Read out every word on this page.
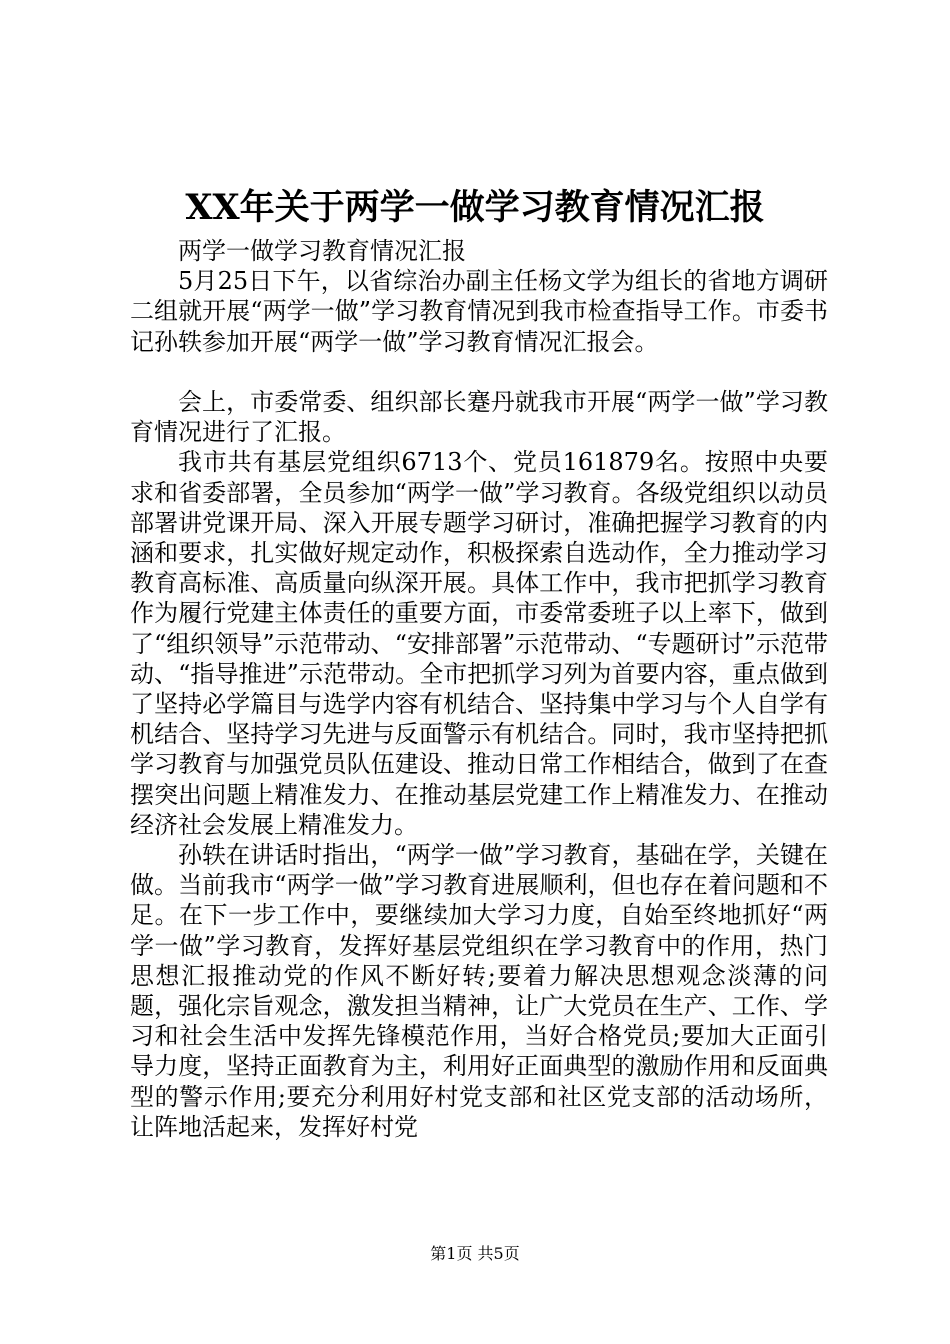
XX年关于两学一做学习教育情况汇报

两学一做学习教育情况汇报

5月25日下午，以省综治办副主任杨文学为组长的省地方调研二组就开展“两学一做”学习教育情况到我市检查指导工作。市委书记孙轶参加开展“两学一做”学习教育情况汇报会。

会上，市委常委、组织部长蹇丹就我市开展“两学一做”学习教育情况进行了汇报。

我市共有基层党组织6713个、党员161879名。按照中央要求和省委部署，全员参加“两学一做”学习教育。各级党组织以动员部署讲党课开局、深入开展专题学习研讨，准确把握学习教育的内涵和要求，扎实做好规定动作，积极探索自选动作，全力推动学习教育高标准、高质量向纵深开展。具体工作中，我市把抓学习教育作为履行党建主体责任的重要方面，市委常委班子以上率下，做到了“组织领导”示范带动、“安排部署”示范带动、“专题研讨”示范带动、“指导推进”示范带动。全市把抓学习列为首要内容，重点做到了坚持必学篇目与选学内容有机结合、坚持集中学习与个人自学有机结合、坚持学习先进与反面警示有机结合。同时，我市坚持把抓学习教育与加强党员队伍建设、推动日常工作相结合，做到了在查摆突出问题上精准发力、在推动基层党建工作上精准发力、在推动经济社会发展上精准发力。

孙轶在讲话时指出，“两学一做”学习教育，基础在学，关键在做。当前我市“两学一做”学习教育进展顺利，但也存在着问题和不足。在下一步工作中，要继续加大学习力度，自始至终地抓好“两学一做”学习教育，发挥好基层党组织在学习教育中的作用，热门思想汇报推动党的作风不断好转;要着力解决思想观念淡薄的问题，强化宗旨观念，激发担当精神，让广大党员在生产、工作、学习和社会生活中发挥先锋模范作用，当好合格党员;要加大正面引导力度，坚持正面教育为主，利用好正面典型的激励作用和反面典型的警示作用;要充分利用好村党支部和社区党支部的活动场所，让阵地活起来，发挥好村党

第1页 共5页
